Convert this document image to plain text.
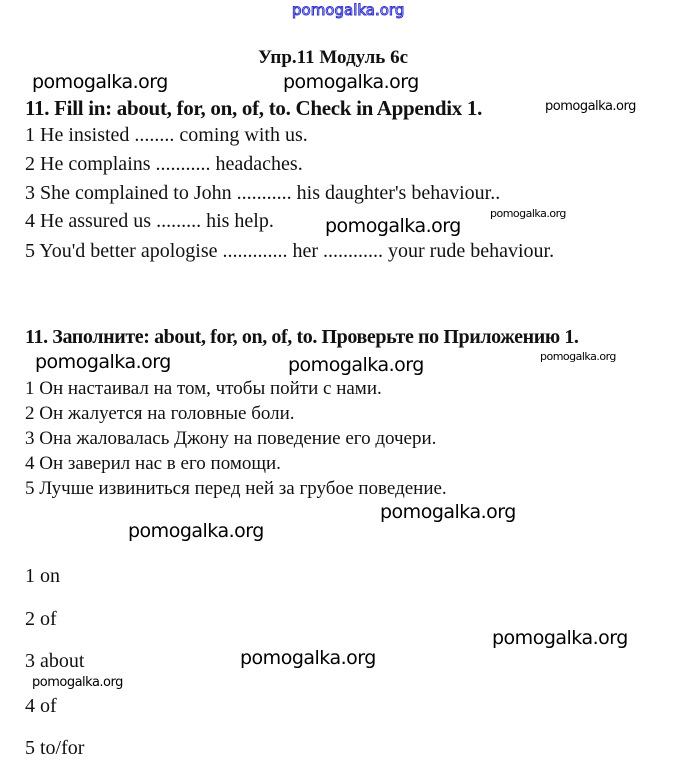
pomogalka.org
Упр.11 Модуль 6с
pomogalka.org	pomogalka.org
pomogalka.org
11. Fill in: about, for, on, of, to. Check in Appendix 1.
1 He insisted ........ coming with us.
2 He complains ........... headaches.
3 She complained to John ........... his daughter's behaviour..
4 He assured us ......... his help.
5 You'd better apologise ............. her ............ your rude behaviour.
pomogalka.org
pomogalka.org
11. Заполните: about, for, on, of, to. Проверьте по Приложению 1.
pomogalka.org
pomogalka.org	pomogalka.org
1 Он настаивал на том, чтобы пойти с нами.
2 Он жалуется на головные боли.
3 Она жаловалась Джону на поведение его дочери.
4 Он заверил нас в его помощи.
5 Лучше извиниться перед ней за грубое поведение.
pomogalka.org
pomogalka.org
1 on
2 of
3 about
4 of
5 to/for
pomogalka.org
pomogalka.org
pomogalka.org
